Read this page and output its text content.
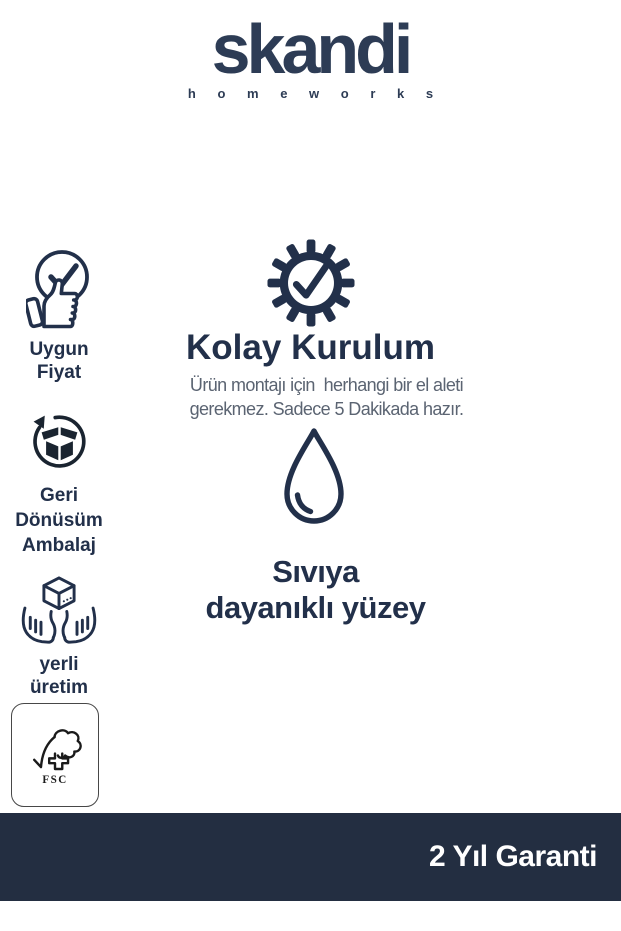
skandi
h o m e w o r k s
Uygun
Fiyat
Geri
Dönüsüm
Ambalaj
yerli
üretim
FSC
Kolay Kurulum
Ürün montajı için  herhangi bir el aleti
gerekmez. Sadece 5 Dakikada hazır.
Sıvıya
dayanıklı yüzey
2 Yıl Garanti
